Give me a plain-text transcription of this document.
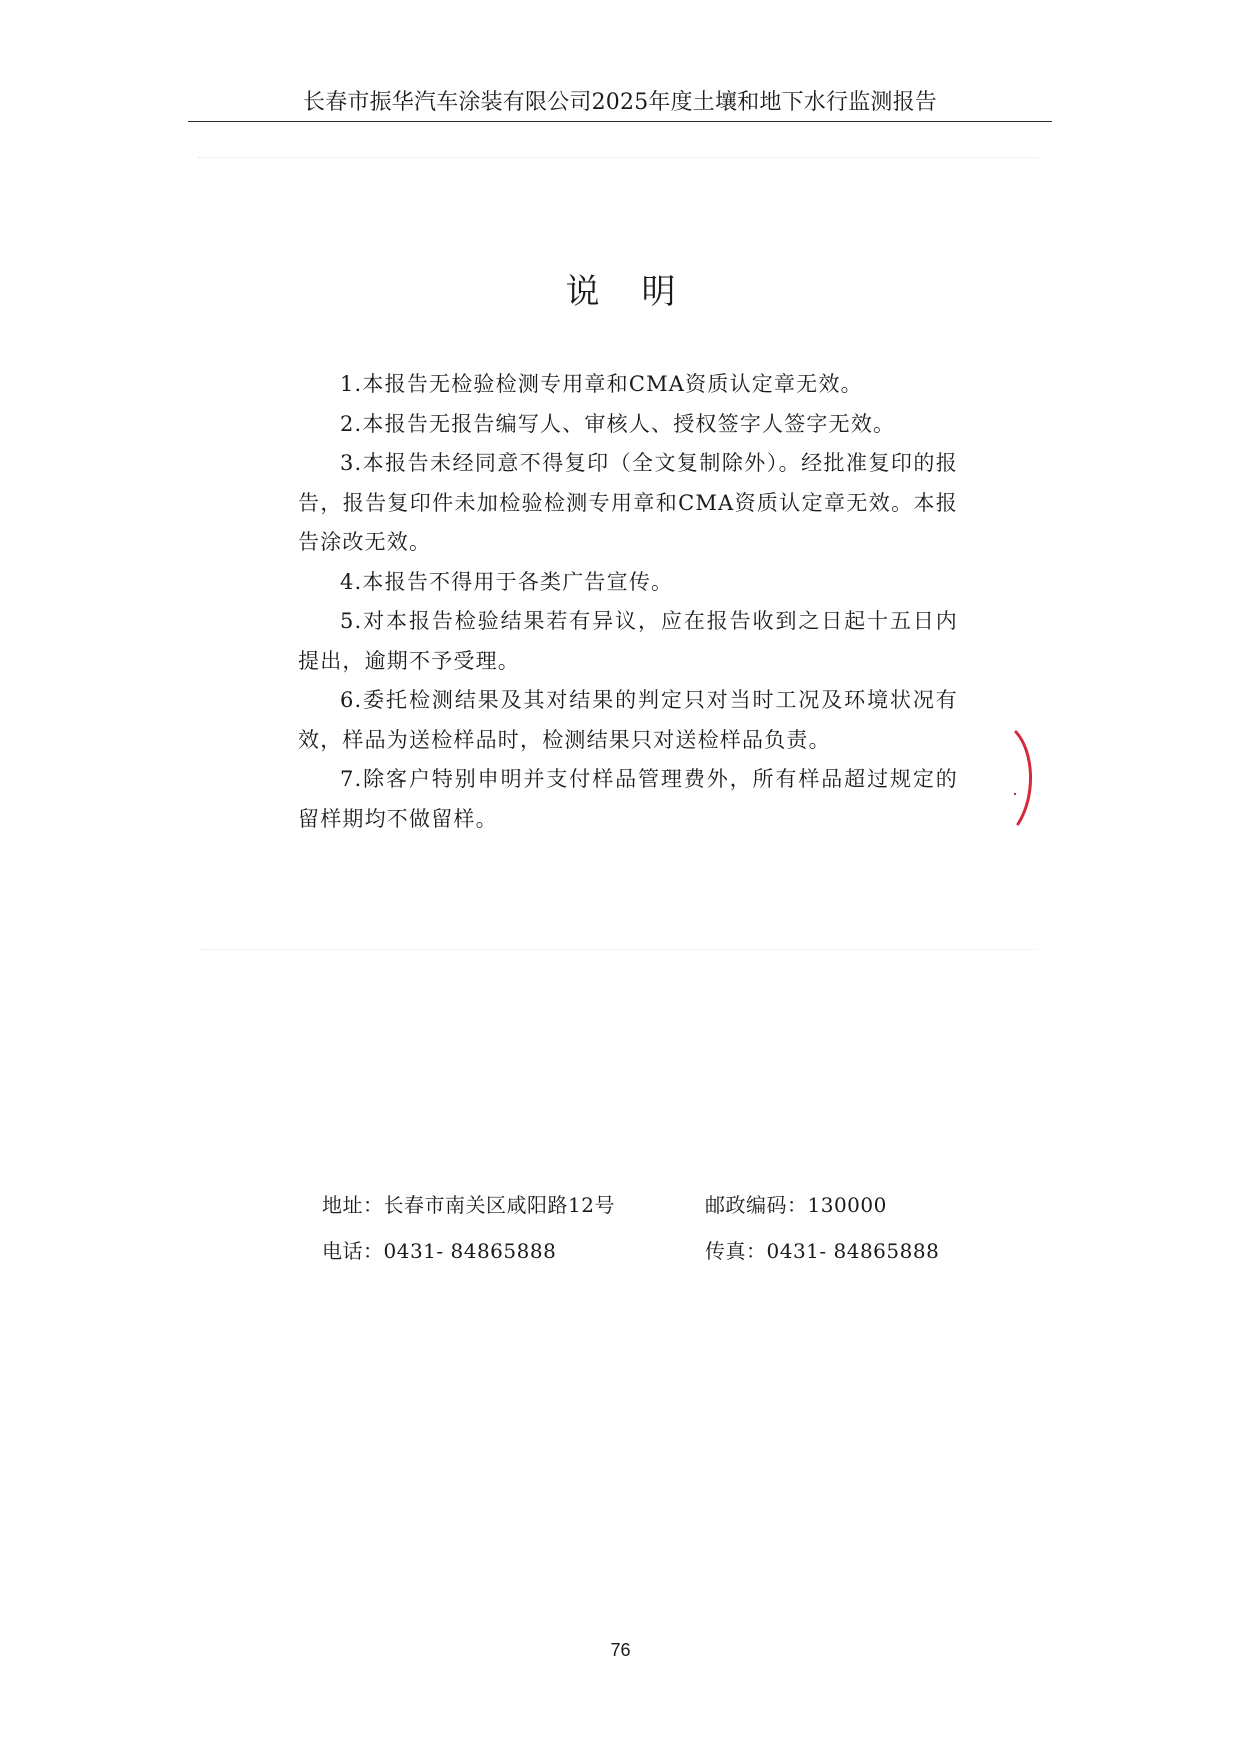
长春市振华汽车涂装有限公司2025年度土壤和地下水行监测报告
说 明
1.本报告无检验检测专用章和CMA资质认定章无效。
2.本报告无报告编写人、审核人、授权签字人签字无效。
3.本报告未经同意不得复印（全文复制除外）。经批准复印的报告，报告复印件未加检验检测专用章和CMA资质认定章无效。本报告涂改无效。
4.本报告不得用于各类广告宣传。
5.对本报告检验结果若有异议，应在报告收到之日起十五日内提出，逾期不予受理。
6.委托检测结果及其对结果的判定只对当时工况及环境状况有效，样品为送检样品时，检测结果只对送检样品负责。
7.除客户特别申明并支付样品管理费外，所有样品超过规定的留样期均不做留样。
地址：长春市南关区咸阳路12号	邮政编码：130000
电话：0431- 84865888	传真：0431- 84865888
76
